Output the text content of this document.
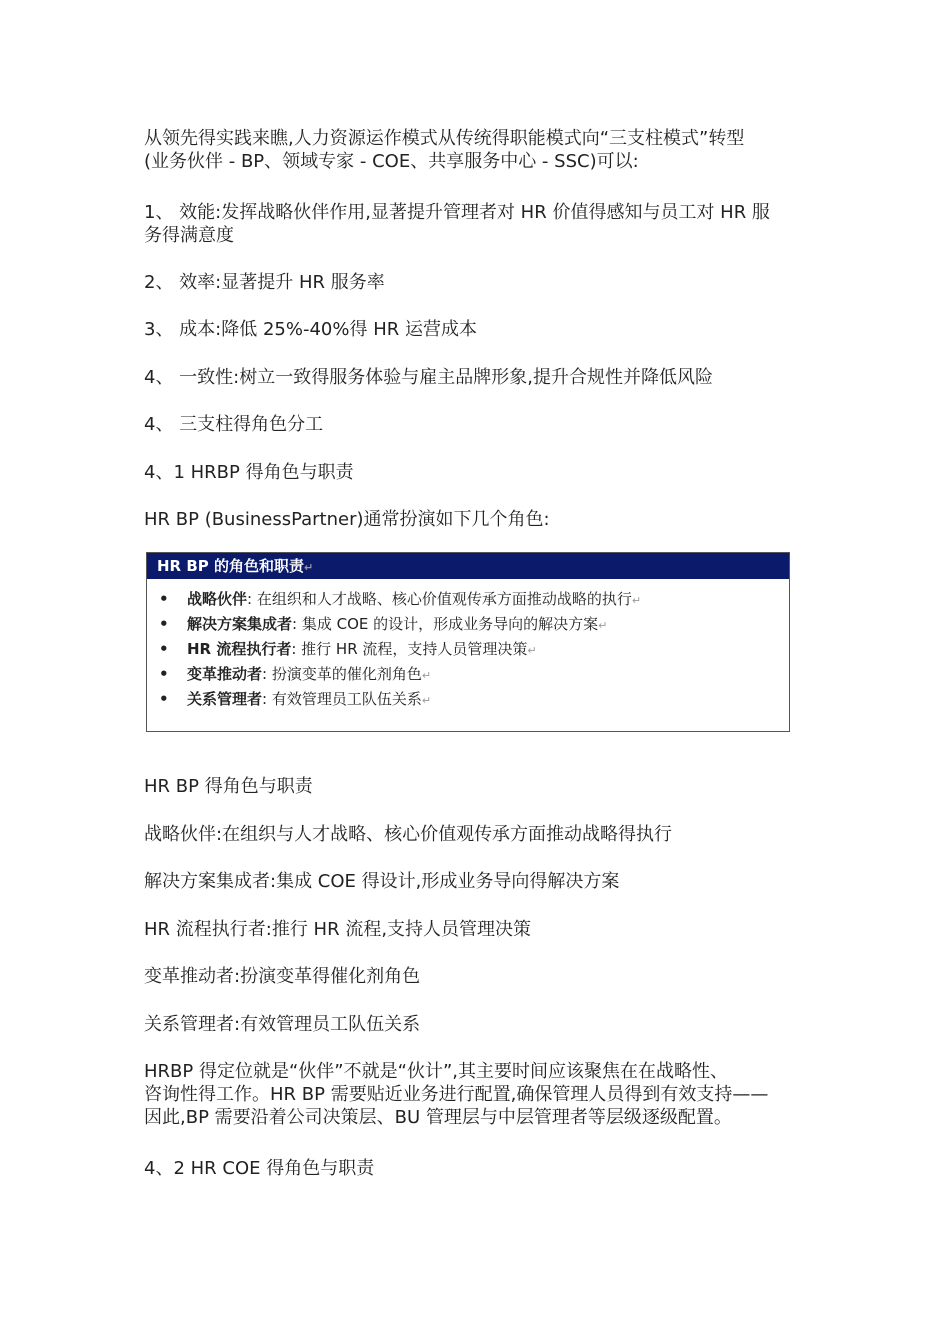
从领先得实践来瞧,人力资源运作模式从传统得职能模式向“三支柱模式”转型
(业务伙伴 - BP、领域专家 - COE、共享服务中心 - SSC)可以:

1、 效能:发挥战略伙伴作用,显著提升管理者对 HR 价值得感知与员工对 HR 服
务得满意度

2、 效率:显著提升 HR 服务率

3、 成本:降低 25%-40%得 HR 运营成本

4、 一致性:树立一致得服务体验与雇主品牌形象,提升合规性并降低风险

4、 三支柱得角色分工

4、1 HRBP 得角色与职责

HR BP (BusinessPartner)通常扮演如下几个角色:

HR BP 的角色和职责↵
• 战略伙伴: 在组织和人才战略、核心价值观传承方面推动战略的执行↵
• 解决方案集成者: 集成 COE 的设计，形成业务导向的解决方案↵
• HR 流程执行者: 推行 HR 流程，支持人员管理决策↵
• 变革推动者: 扮演变革的催化剂角色↵
• 关系管理者: 有效管理员工队伍关系↵

HR BP 得角色与职责

战略伙伴:在组织与人才战略、核心价值观传承方面推动战略得执行

解决方案集成者:集成 COE 得设计,形成业务导向得解决方案

HR 流程执行者:推行 HR 流程,支持人员管理决策

变革推动者:扮演变革得催化剂角色

关系管理者:有效管理员工队伍关系

HRBP 得定位就是“伙伴”不就是“伙计”,其主要时间应该聚焦在在战略性、
咨询性得工作。HR BP 需要贴近业务进行配置,确保管理人员得到有效支持——
因此,BP 需要沿着公司决策层、BU 管理层与中层管理者等层级逐级配置。

4、2 HR COE 得角色与职责
